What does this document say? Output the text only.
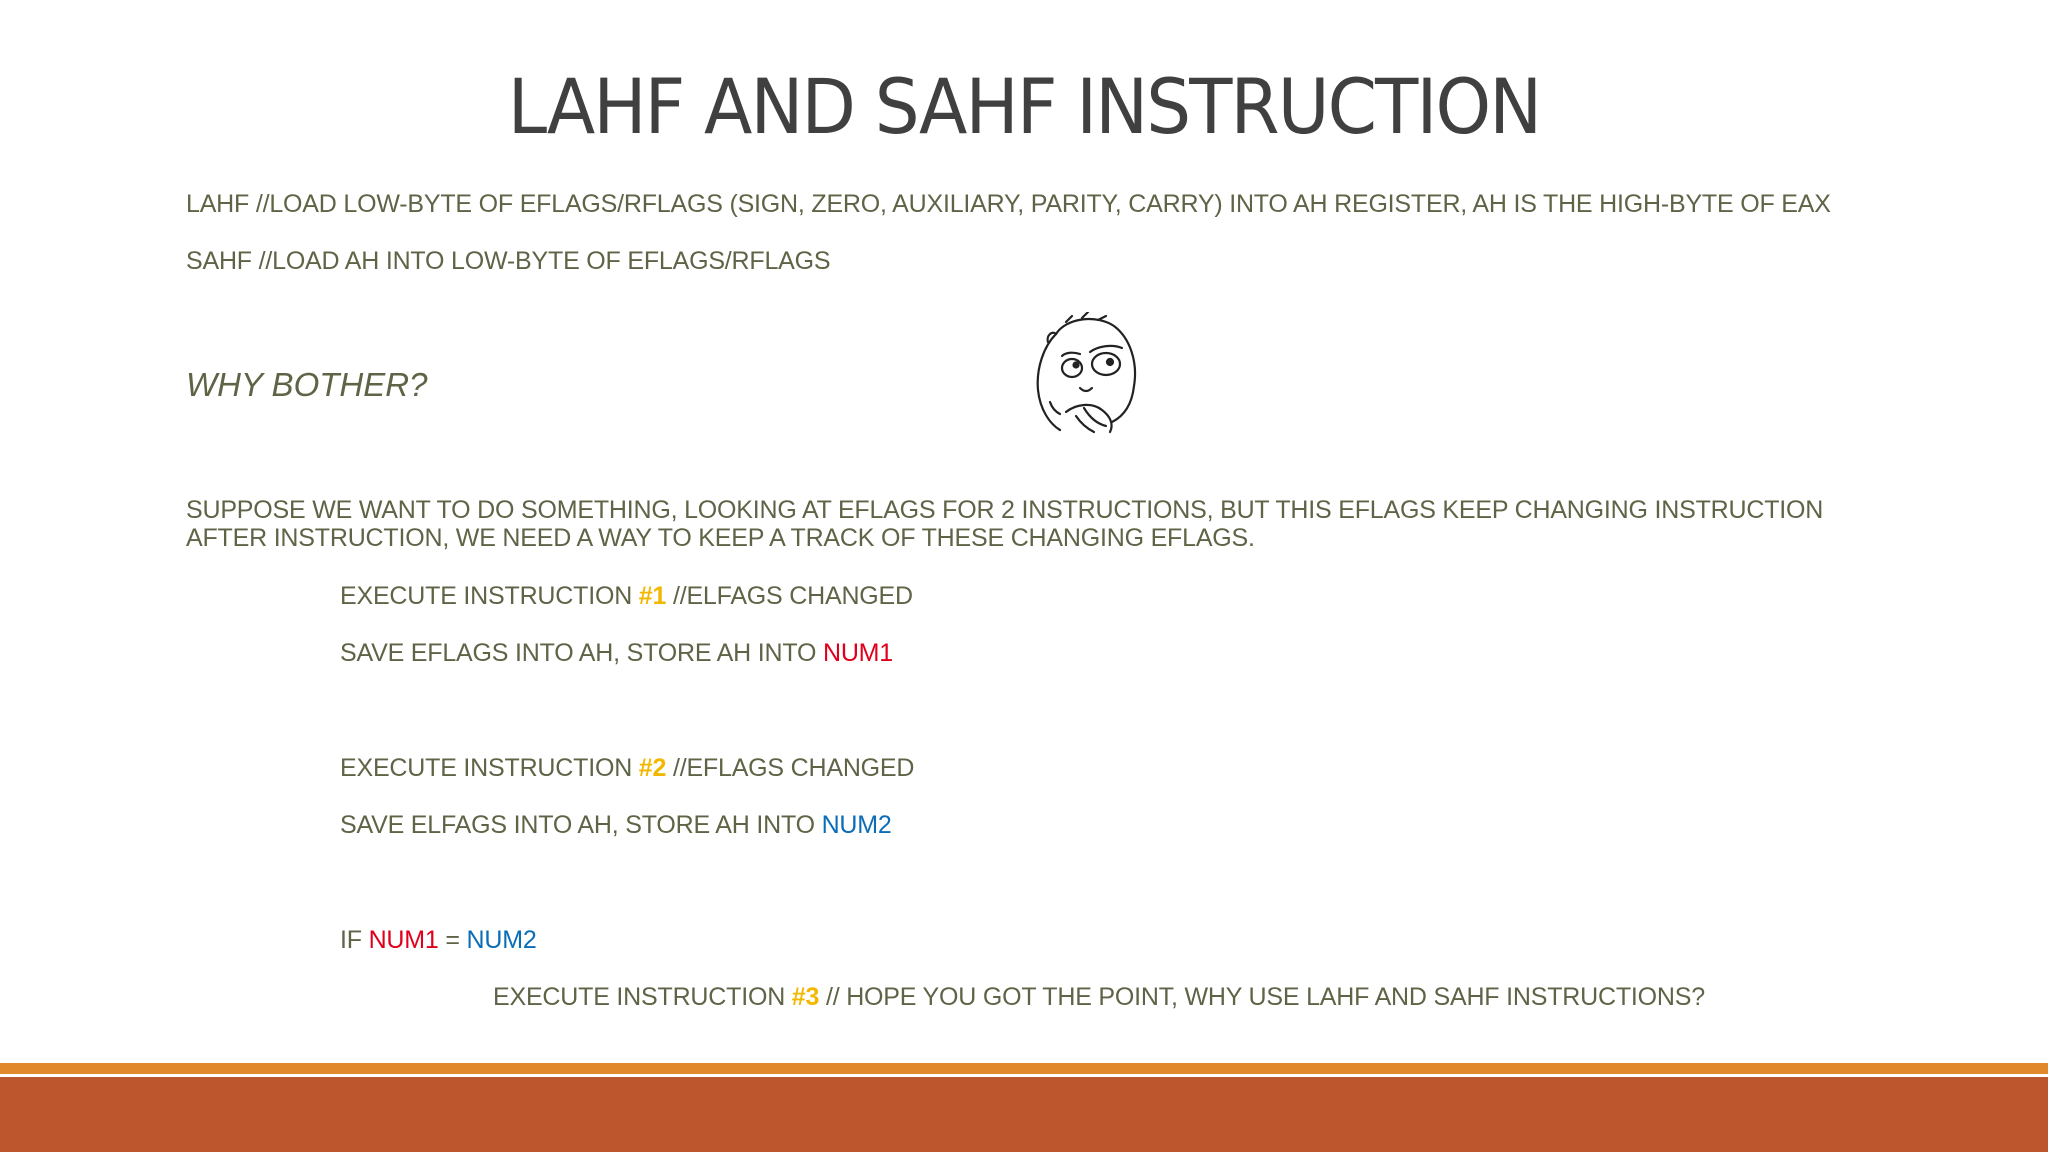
LAHF AND SAHF INSTRUCTION
LAHF //LOAD LOW-BYTE OF EFLAGS/RFLAGS (SIGN, ZERO, AUXILIARY, PARITY, CARRY) INTO AH REGISTER, AH IS THE HIGH-BYTE OF EAX
SAHF //LOAD AH INTO LOW-BYTE OF EFLAGS/RFLAGS
WHY BOTHER?
SUPPOSE WE WANT TO DO SOMETHING, LOOKING AT EFLAGS FOR 2 INSTRUCTIONS, BUT THIS EFLAGS KEEP CHANGING INSTRUCTION AFTER INSTRUCTION, WE NEED A WAY TO KEEP A TRACK OF THESE CHANGING EFLAGS.
EXECUTE INSTRUCTION #1 //ELFAGS CHANGED
SAVE EFLAGS INTO AH, STORE AH INTO NUM1
EXECUTE INSTRUCTION #2 //EFLAGS CHANGED
SAVE ELFAGS INTO AH, STORE AH INTO NUM2
IF NUM1 = NUM2
EXECUTE INSTRUCTION #3 // HOPE YOU GOT THE POINT, WHY USE LAHF AND SAHF INSTRUCTIONS?
